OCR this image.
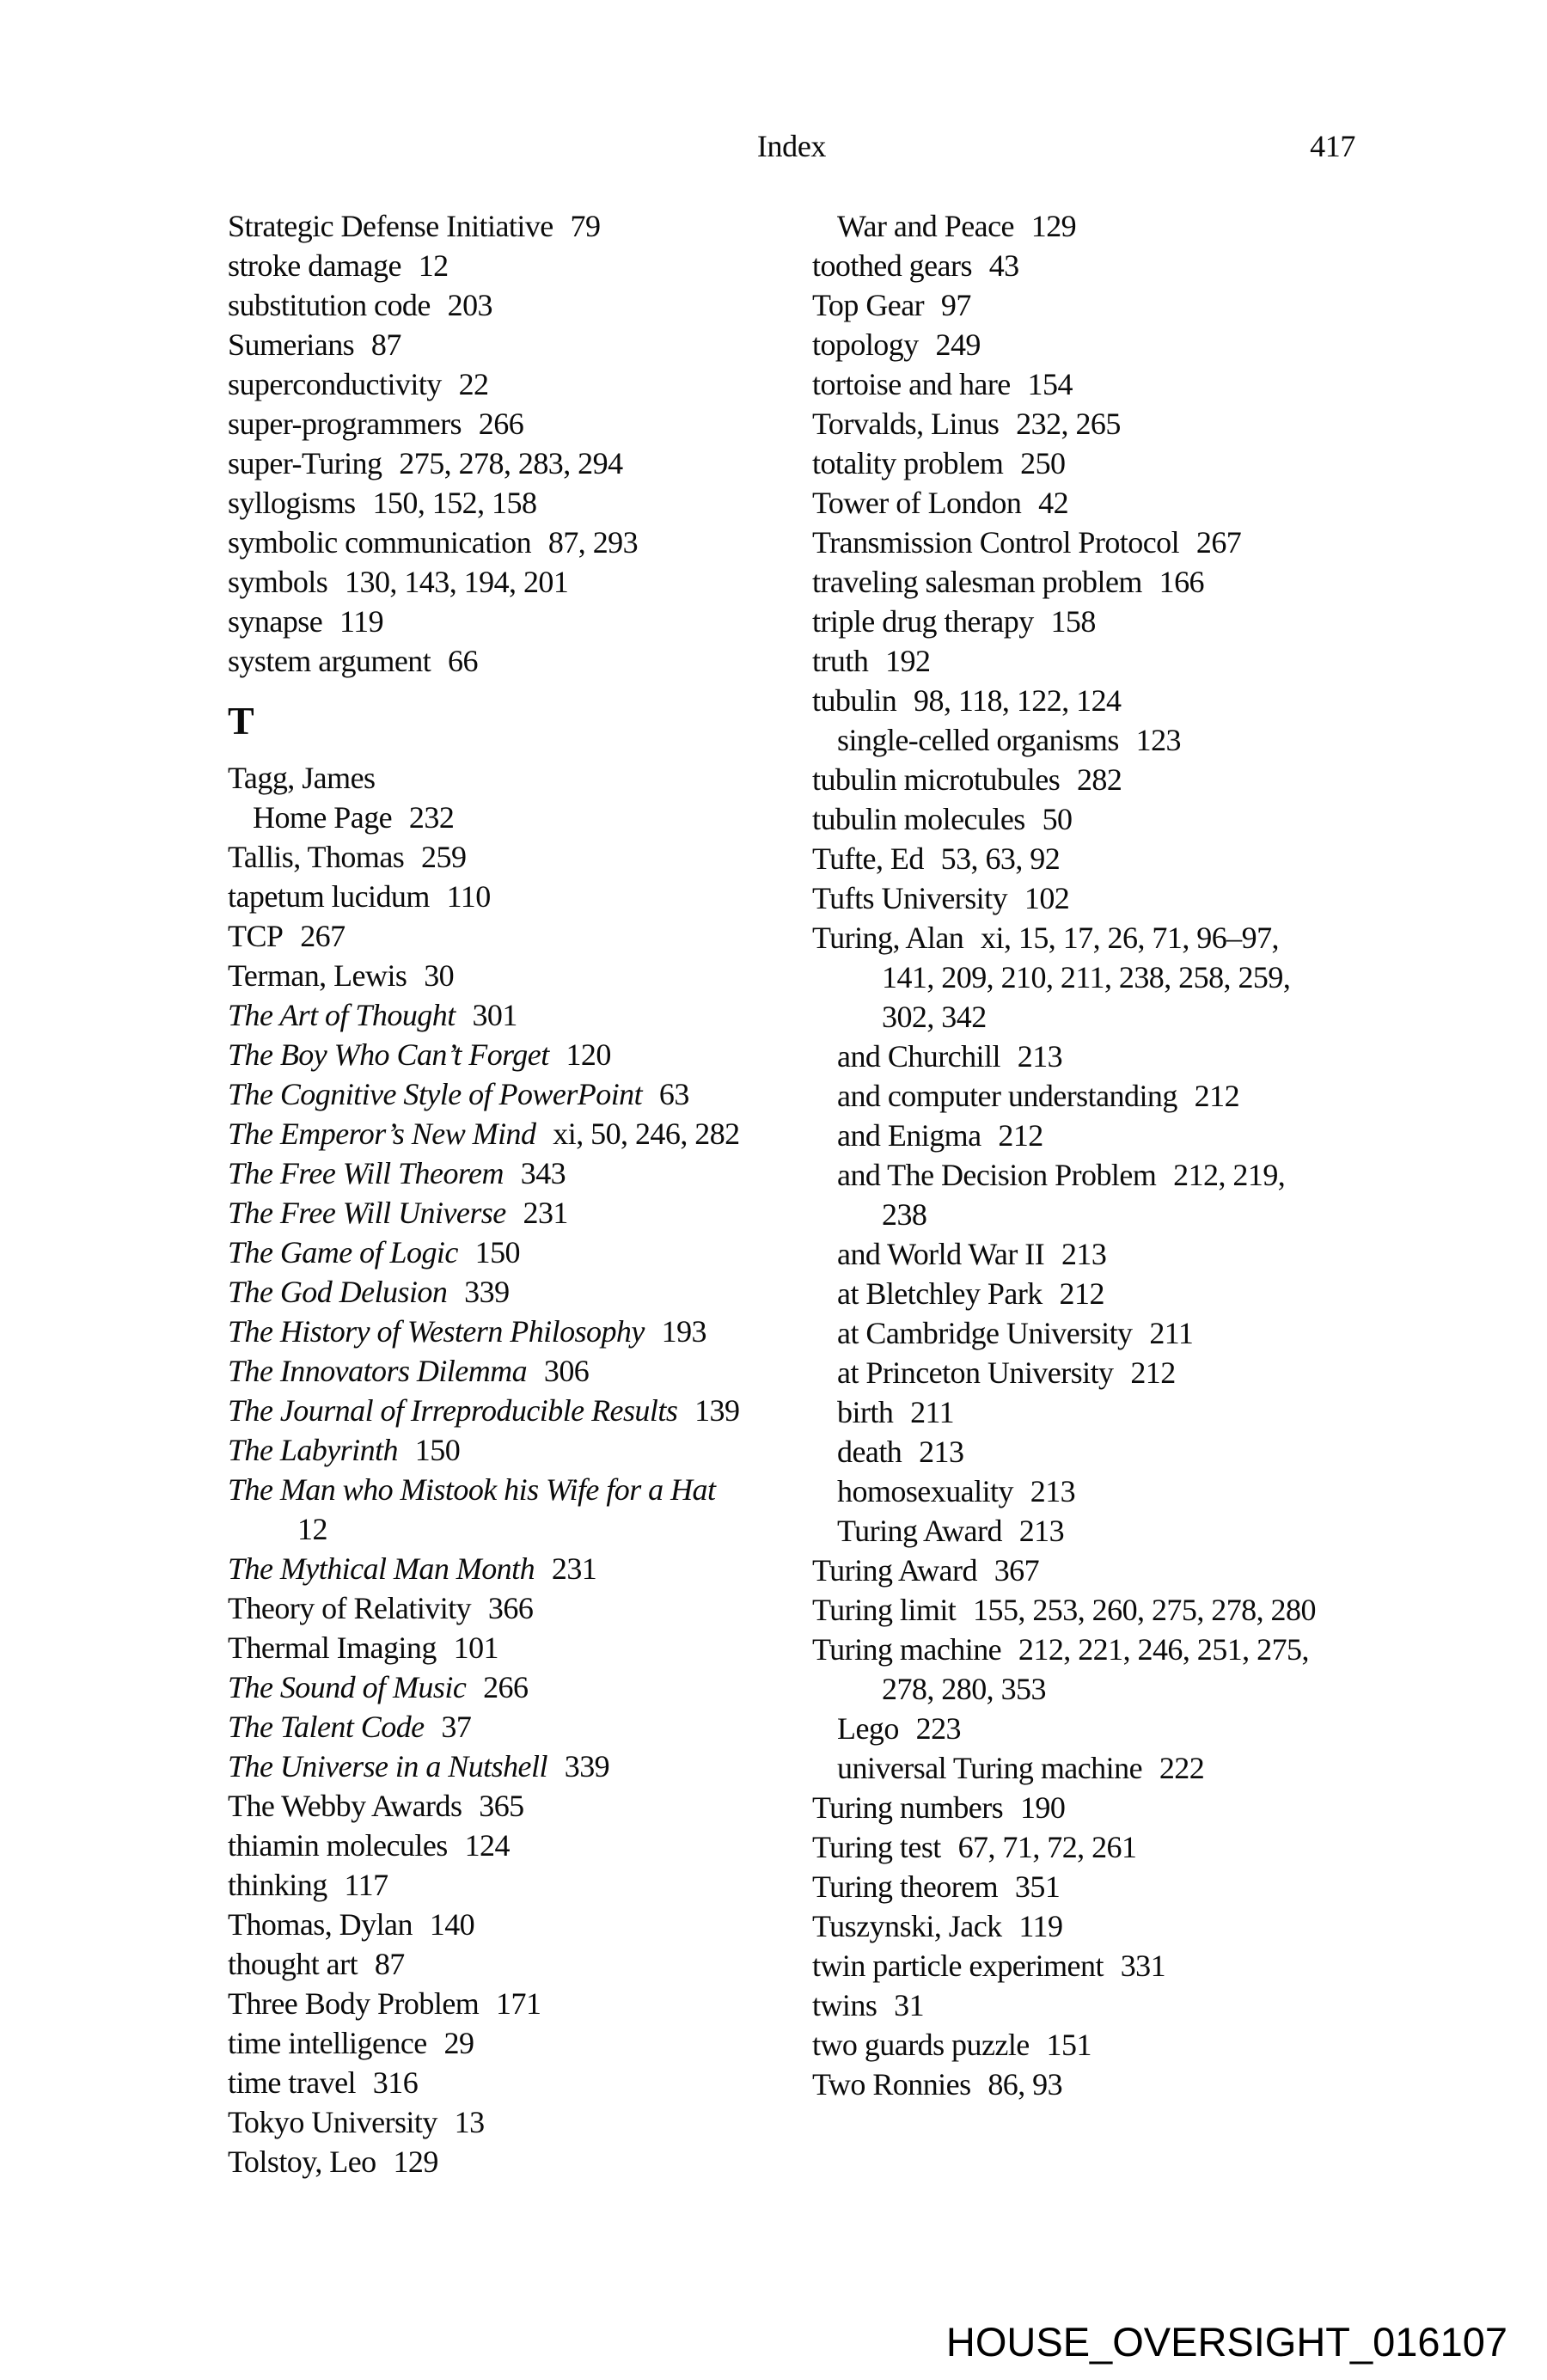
Index	417
Strategic Defense Initiative 79
stroke damage 12
substitution code 203
Sumerians 87
superconductivity 22
super-programmers 266
super-Turing 275, 278, 283, 294
syllogisms 150, 152, 158
symbolic communication 87, 293
symbols 130, 143, 194, 201
synapse 119
system argument 66
T
Tagg, James
Home Page 232
Tallis, Thomas 259
tapetum lucidum 110
TCP 267
Terman, Lewis 30
The Art of Thought 301
The Boy Who Can’t Forget 120
The Cognitive Style of PowerPoint 63
The Emperor’s New Mind xi, 50, 246, 282
The Free Will Theorem 343
The Free Will Universe 231
The Game of Logic 150
The God Delusion 339
The History of Western Philosophy 193
The Innovators Dilemma 306
The Journal of Irreproducible Results 139
The Labyrinth 150
The Man who Mistook his Wife for a Hat
12
The Mythical Man Month 231
Theory of Relativity 366
Thermal Imaging 101
The Sound of Music 266
The Talent Code 37
The Universe in a Nutshell 339
The Webby Awards 365
thiamin molecules 124
thinking 117
Thomas, Dylan 140
thought art 87
Three Body Problem 171
time intelligence 29
time travel 316
Tokyo University 13
Tolstoy, Leo 129
War and Peace 129
toothed gears 43
Top Gear 97
topology 249
tortoise and hare 154
Torvalds, Linus 232, 265
totality problem 250
Tower of London 42
Transmission Control Protocol 267
traveling salesman problem 166
triple drug therapy 158
truth 192
tubulin 98, 118, 122, 124
single-celled organisms 123
tubulin microtubules 282
tubulin molecules 50
Tufte, Ed 53, 63, 92
Tufts University 102
Turing, Alan xi, 15, 17, 26, 71, 96–97,
141, 209, 210, 211, 238, 258, 259,
302, 342
and Churchill 213
and computer understanding 212
and Enigma 212
and The Decision Problem 212, 219,
238
and World War II 213
at Bletchley Park 212
at Cambridge University 211
at Princeton University 212
birth 211
death 213
homosexuality 213
Turing Award 213
Turing Award 367
Turing limit 155, 253, 260, 275, 278, 280
Turing machine 212, 221, 246, 251, 275,
278, 280, 353
Lego 223
universal Turing machine 222
Turing numbers 190
Turing test 67, 71, 72, 261
Turing theorem 351
Tuszynski, Jack 119
twin particle experiment 331
twins 31
two guards puzzle 151
Two Ronnies 86, 93
HOUSE_OVERSIGHT_016107
